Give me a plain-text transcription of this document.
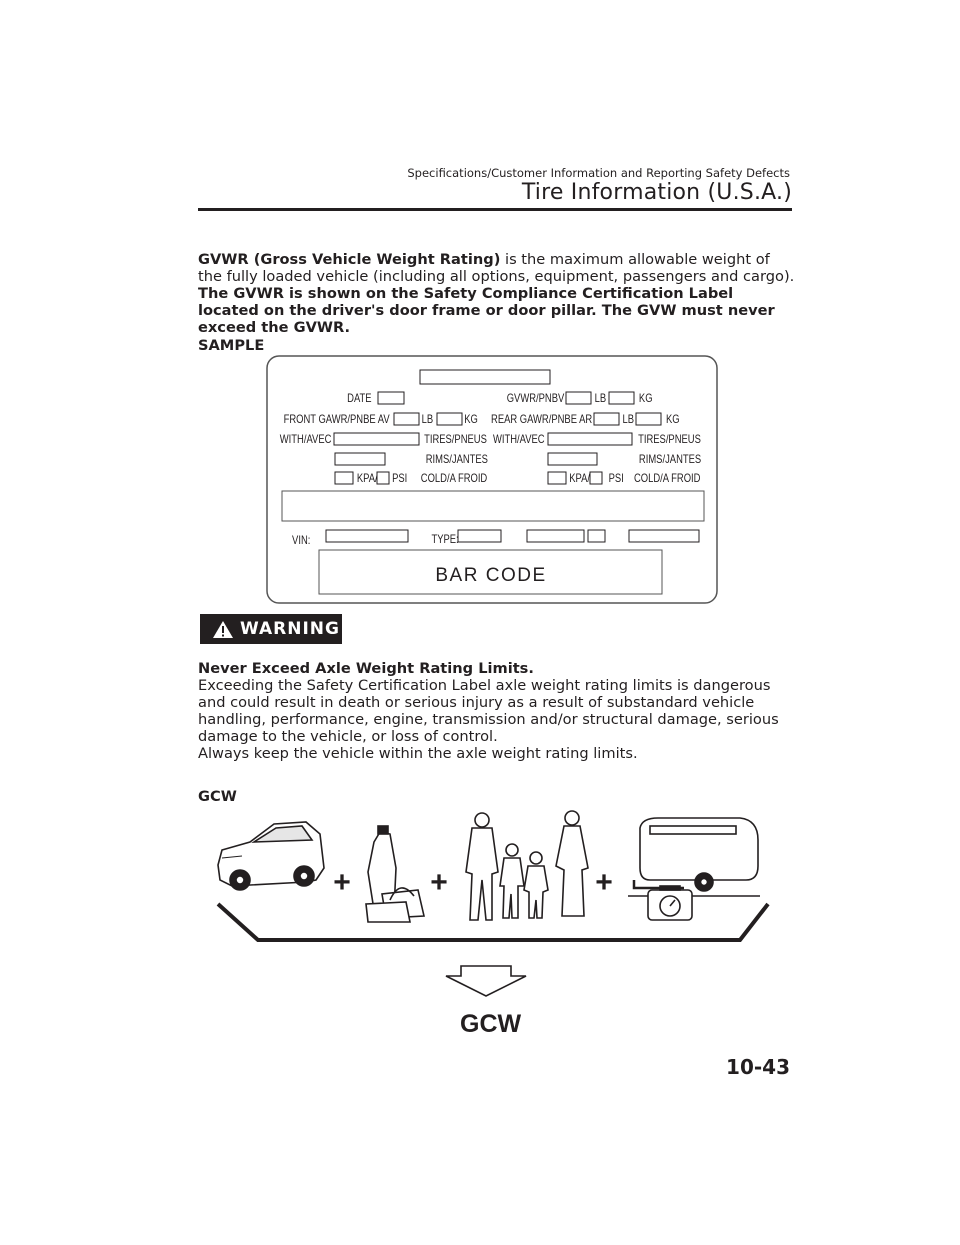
Specifications/Customer Information and Reporting Safety Defects
Tire Information (U.S.A.)
GVWR (Gross Vehicle Weight Rating) is the maximum allowable weight of the fully loaded vehicle (including all options, equipment, passengers and cargo). The GVWR is shown on the Safety Compliance Certification Label located on the driver's door frame or door pillar. The GVW must never exceed the GVWR.
SAMPLE
DATE	GVWR/PNBV	LB	KG
FRONT GAWR/PNBE AV	LB	KG REAR GAWR/PNBE AR	LB	KG
WITH/AVEC	TIRES/PNEUS WITH/AVEC	TIRES/PNEUS
RIMS/JANTES	RIMS/JANTES
KPA/ PSI COLD/A FROID	KPA/ PSI COLD/A FROID
VIN:	TYPE:
BAR CODE
WARNING
Never Exceed Axle Weight Rating Limits.
Exceeding the Safety Certification Label axle weight rating limits is dangerous and could result in death or serious injury as a result of substandard vehicle handling, performance, engine, transmission and/or structural damage, serious damage to the vehicle, or loss of control.
Always keep the vehicle within the axle weight rating limits.
GCW
+	+	+
GCW
10-43
